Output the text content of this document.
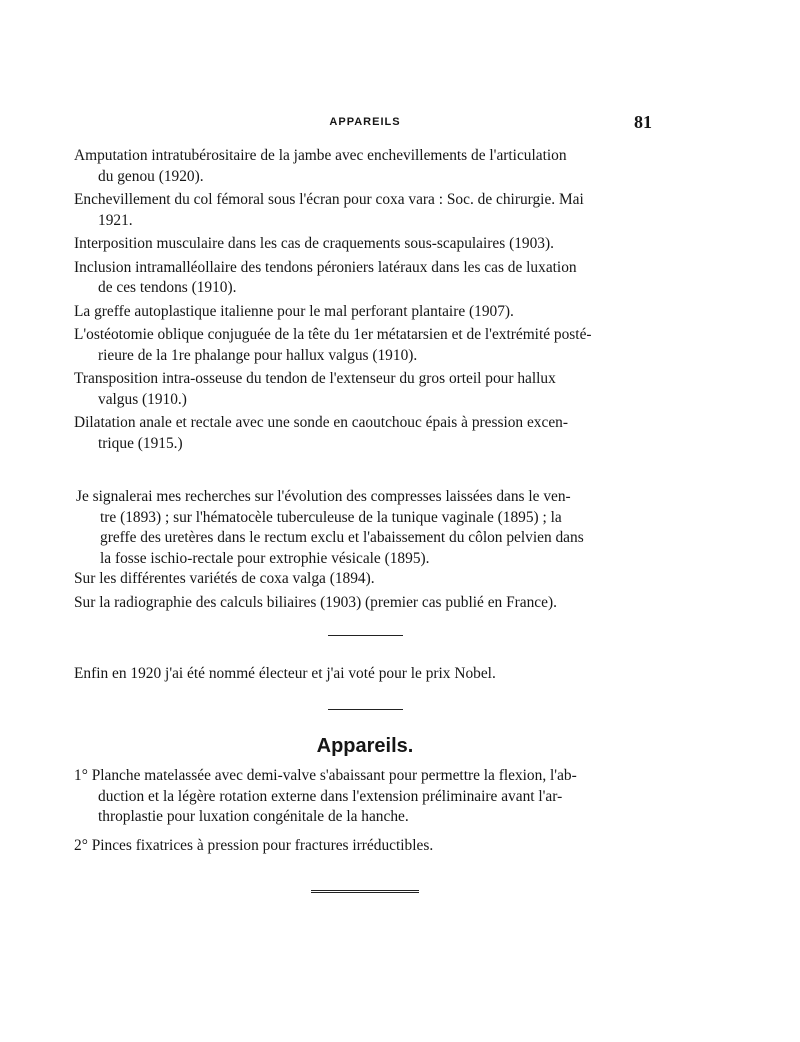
APPAREILS	81
Amputation intratubérositaire de la jambe avec enchevillements de l'articulation
du genou (1920).
Enchevillement du col fémoral sous l'écran pour coxa vara : Soc. de chirurgie. Mai
1921.
Interposition musculaire dans les cas de craquements sous-scapulaires (1903).
Inclusion intramalléollaire des tendons péroniers latéraux dans les cas de luxation
de ces tendons (1910).
La greffe autoplastique italienne pour le mal perforant plantaire (1907).
L'ostéotomie oblique conjuguée de la tête du 1er métatarsien et de l'extrémité posté-
rieure de la 1re phalange pour hallux valgus (1910).
Transposition intra-osseuse du tendon de l'extenseur du gros orteil pour hallux
valgus (1910.)
Dilatation anale et rectale avec une sonde en caoutchouc épais à pression excen-
trique (1915.)
Je signalerai mes recherches sur l'évolution des compresses laissées dans le ven-
tre (1893) ; sur l'hématocèle tuberculeuse de la tunique vaginale (1895) ; la
greffe des uretères dans le rectum exclu et l'abaissement du côlon pelvien dans
la fosse ischio-rectale pour extrophie vésicale (1895).
Sur les différentes variétés de coxa valga (1894).
Sur la radiographie des calculs biliaires (1903) (premier cas publié en France).
Enfin en 1920 j'ai été nommé électeur et j'ai voté pour le prix Nobel.
Appareils.
1° Planche matelassée avec demi-valve s'abaissant pour permettre la flexion, l'ab-
duction et la légère rotation externe dans l'extension préliminaire avant l'ar-
throplastie pour luxation congénitale de la hanche.
2° Pinces fixatrices à pression pour fractures irréductibles.
